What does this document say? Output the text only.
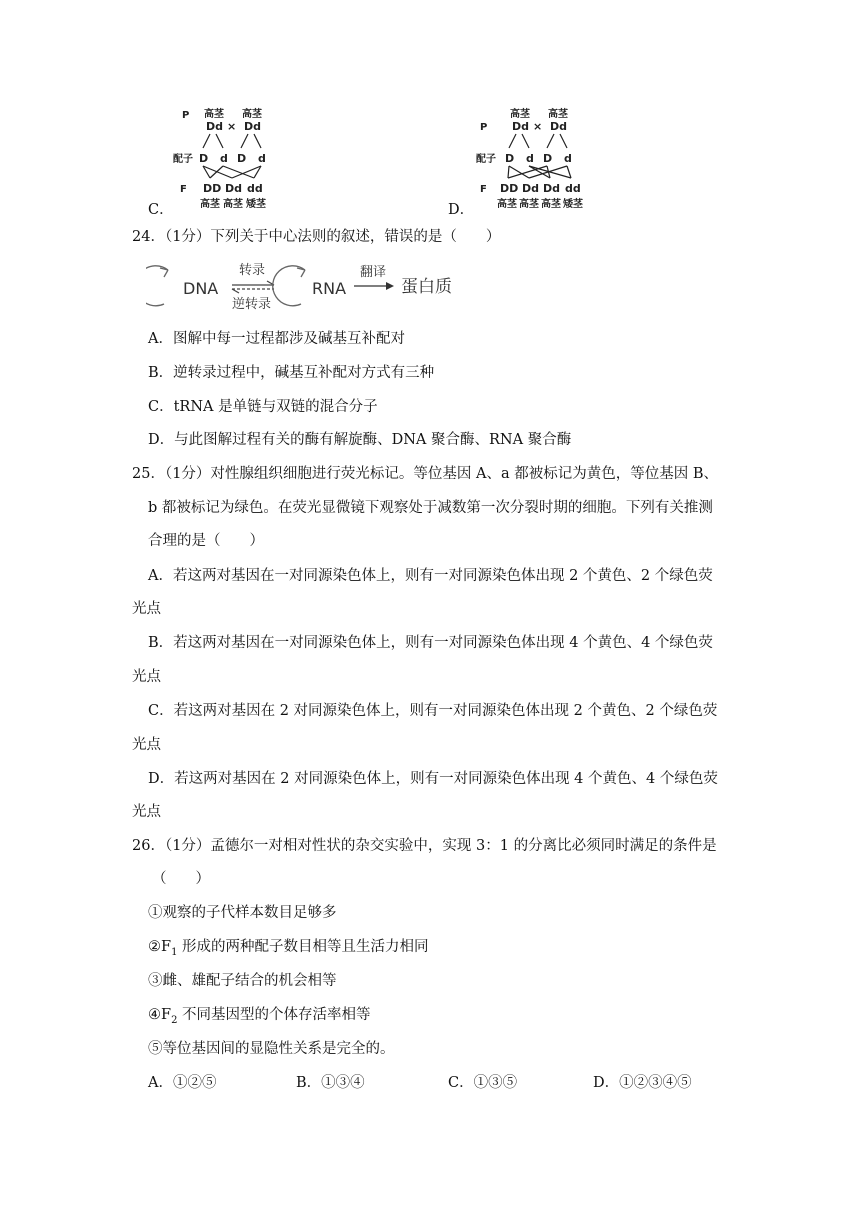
P 高茎 高茎
Dd × Dd
配子 D d D d
F DD Dd dd
高茎 高茎 矮茎
C．
P
高茎 高茎
Dd × Dd
配子 D d D d
F DD Dd Dd dd
高茎 高茎 高茎 矮茎
D．
24．（1分）下列关于中心法则的叙述，错误的是（　　）
DNA
转录
逆转录
RNA
翻译
蛋白质
A．图解中每一过程都涉及碱基互补配对
B．逆转录过程中，碱基互补配对方式有三种
C．tRNA 是单链与双链的混合分子
D．与此图解过程有关的酶有解旋酶、DNA 聚合酶、RNA 聚合酶
25．（1分）对性腺组织细胞进行荧光标记。等位基因 A、a 都被标记为黄色，等位基因 B、
b 都被标记为绿色。在荧光显微镜下观察处于减数第一次分裂时期的细胞。下列有关推测
合理的是（　　）
A．若这两对基因在一对同源染色体上，则有一对同源染色体出现 2 个黄色、2 个绿色荧
光点
B．若这两对基因在一对同源染色体上，则有一对同源染色体出现 4 个黄色、4 个绿色荧
光点
C．若这两对基因在 2 对同源染色体上，则有一对同源染色体出现 2 个黄色、2 个绿色荧
光点
D．若这两对基因在 2 对同源染色体上，则有一对同源染色体出现 4 个黄色、4 个绿色荧
光点
26．（1分）孟德尔一对相对性状的杂交实验中，实现 3：1 的分离比必须同时满足的条件是
（　　）
①观察的子代样本数目足够多
$②F_1$ 形成的两种配子数目相等且生活力相同
③雌、雄配子结合的机会相等
$④F_2$ 不同基因型的个体存活率相等
⑤等位基因间的显隐性关系是完全的。
A．①②⑤	B．①③④	C．①③⑤	D．①②③④⑤
